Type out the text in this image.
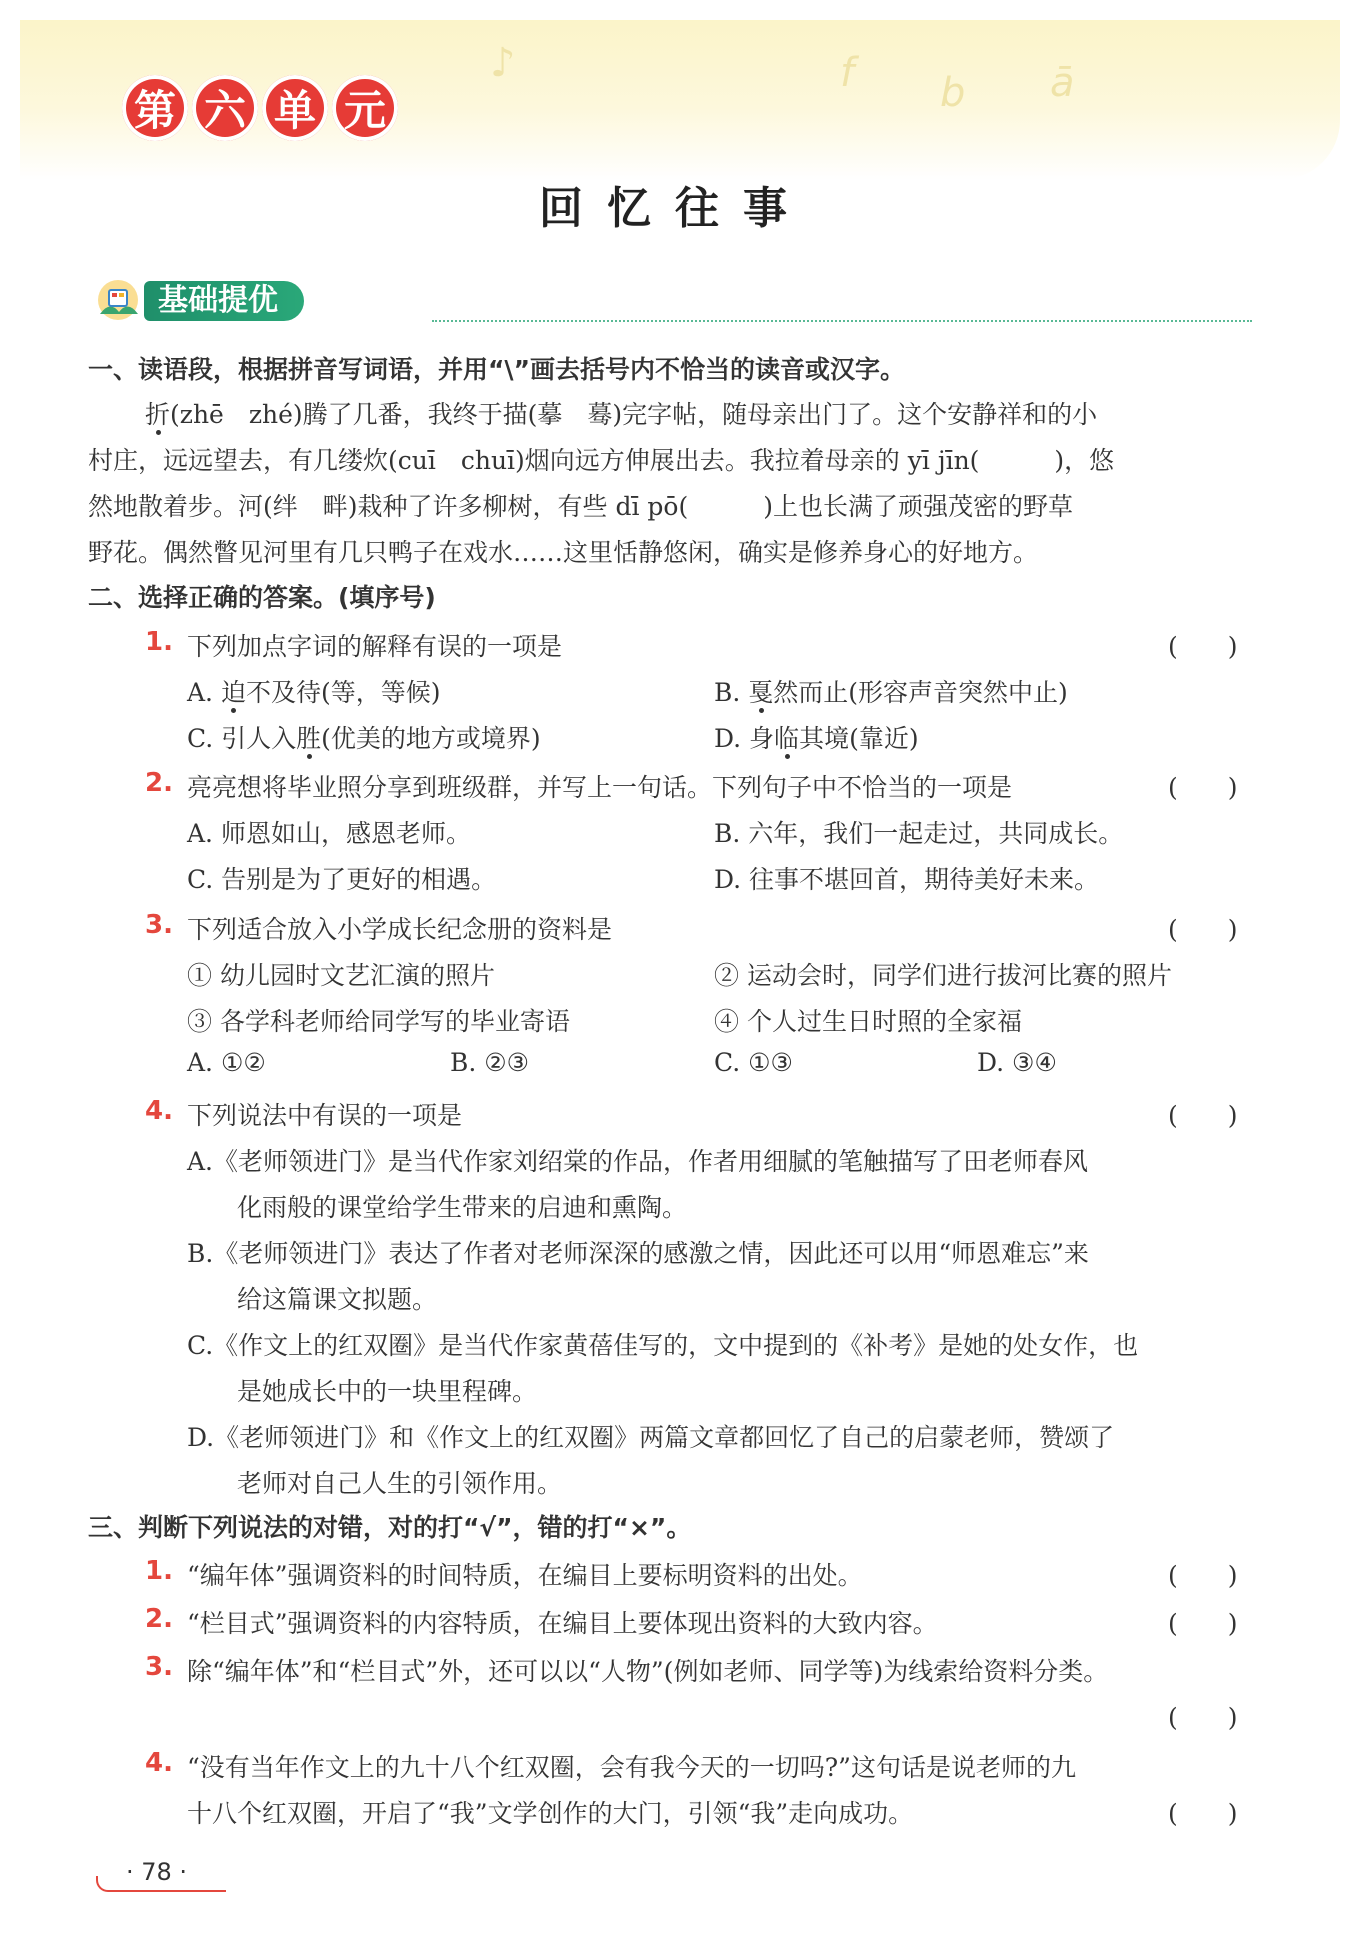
♪	f b ā
第 六 单 元
回忆往事
基础提优
一、读语段，根据拼音写词语，并用“\”画去括号内不恰当的读音或汉字。
折(zhē　zhé)腾了几番，我终于描(摹　蓦)完字帖，随母亲出门了。这个安静祥和的小
村庄，远远望去，有几缕炊(cuī　chuī)烟向远方伸展出去。我拉着母亲的 yī jīn(　　　)，悠
然地散着步。河(绊　畔)栽种了许多柳树，有些 dī pō(　　　)上也长满了顽强茂密的野草
野花。偶然瞥见河里有几只鸭子在戏水……这里恬静悠闲，确实是修养身心的好地方。
二、选择正确的答案。(填序号)
1. 下列加点字词的解释有误的一项是	(　　)
A. 迫不及待(等，等候)	B. 戛然而止(形容声音突然中止)
C. 引人入胜(优美的地方或境界)	D. 身临其境(靠近)
2. 亮亮想将毕业照分享到班级群，并写上一句话。下列句子中不恰当的一项是	(　　)
A. 师恩如山，感恩老师。	B. 六年，我们一起走过，共同成长。
C. 告别是为了更好的相遇。	D. 往事不堪回首，期待美好未来。
3. 下列适合放入小学成长纪念册的资料是	(　　)
① 幼儿园时文艺汇演的照片	② 运动会时，同学们进行拔河比赛的照片
③ 各学科老师给同学写的毕业寄语	④ 个人过生日时照的全家福
A. ①②	B. ②③	C. ①③	D. ③④
4. 下列说法中有误的一项是	(　　)
A.《老师领进门》是当代作家刘绍棠的作品，作者用细腻的笔触描写了田老师春风
化雨般的课堂给学生带来的启迪和熏陶。
B.《老师领进门》表达了作者对老师深深的感激之情，因此还可以用“师恩难忘”来
给这篇课文拟题。
C.《作文上的红双圈》是当代作家黄蓓佳写的，文中提到的《补考》是她的处女作，也
是她成长中的一块里程碑。
D.《老师领进门》和《作文上的红双圈》两篇文章都回忆了自己的启蒙老师，赞颂了
老师对自己人生的引领作用。
三、判断下列说法的对错，对的打“√”，错的打“×”。
1. “编年体”强调资料的时间特质，在编目上要标明资料的出处。	(　　)
2. “栏目式”强调资料的内容特质，在编目上要体现出资料的大致内容。	(　　)
3. 除“编年体”和“栏目式”外，还可以以“人物”(例如老师、同学等)为线索给资料分类。
(　　)
4. “没有当年作文上的九十八个红双圈，会有我今天的一切吗?”这句话是说老师的九
十八个红双圈，开启了“我”文学创作的大门，引领“我”走向成功。	(　　)
· 78 ·
